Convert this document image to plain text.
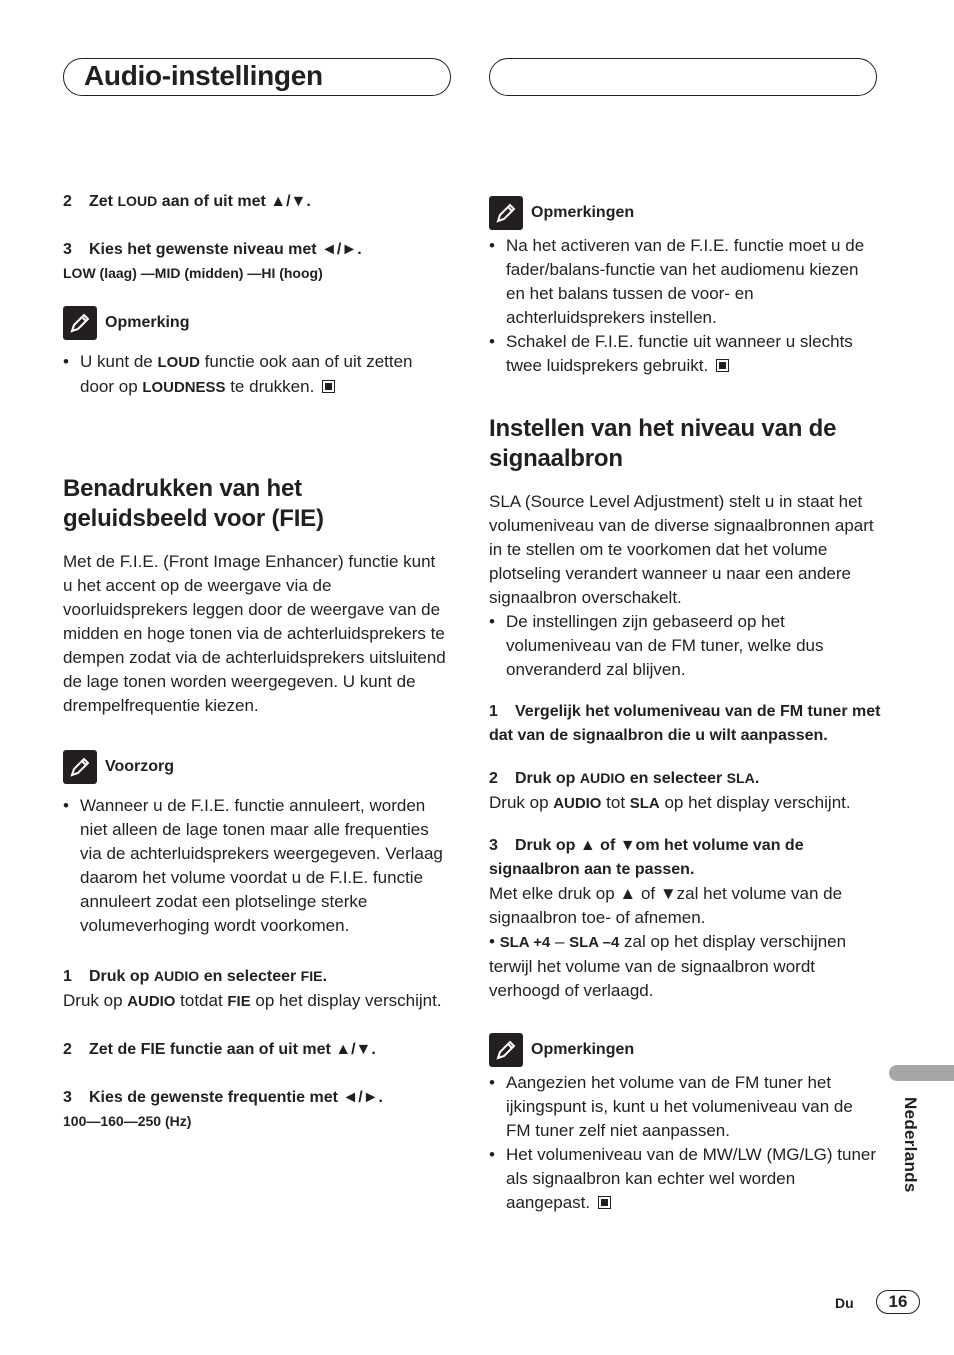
Audio-instellingen

2 Zet LOUD aan of uit met ▲/▼.

3 Kies het gewenste niveau met ◄/►.

LOW (laag) —MID (midden) —HI (hoog)

Opmerking

• U kunt de LOUD functie ook aan of uit zetten door op LOUDNESS te drukken.

Benadrukken van het
geluidsbeeld voor (FIE)

Met de F.I.E. (Front Image Enhancer) functie kunt u het accent op de weergave via de voorluidsprekers leggen door de weergave van de midden en hoge tonen via de achterluidsprekers te dempen zodat via de achterluidsprekers uitsluitend de lage tonen worden weergegeven. U kunt de drempelfrequentie kiezen.

Voorzorg

• Wanneer u de F.I.E. functie annuleert, worden niet alleen de lage tonen maar alle frequenties via de achterluidsprekers weergegeven. Verlaag daarom het volume voordat u de F.I.E. functie annuleert zodat een plotselinge sterke volumeverhoging wordt voorkomen.

1 Druk op AUDIO en selecteer FIE.

Druk op AUDIO totdat FIE op het display verschijnt.

2 Zet de FIE functie aan of uit met ▲/▼.

3 Kies de gewenste frequentie met ◄/►.

100—160—250 (Hz)

Opmerkingen

• Na het activeren van de F.I.E. functie moet u de fader/balans-functie van het audiomenu kiezen en het balans tussen de voor- en achterluidsprekers instellen.

• Schakel de F.I.E. functie uit wanneer u slechts twee luidsprekers gebruikt.

Instellen van het niveau van de
signaalbron

SLA (Source Level Adjustment) stelt u in staat het volumeniveau van de diverse signaalbronnen apart in te stellen om te voorkomen dat het volume plotseling verandert wanneer u naar een andere signaalbron overschakelt.

• De instellingen zijn gebaseerd op het volumeniveau van de FM tuner, welke dus onveranderd zal blijven.

1 Vergelijk het volumeniveau van de FM tuner met dat van de signaalbron die u wilt aanpassen.

2 Druk op AUDIO en selecteer SLA.

Druk op AUDIO tot SLA op het display verschijnt.

3 Druk op ▲ of ▼om het volume van de signaalbron aan te passen.

Met elke druk op ▲ of ▼zal het volume van de signaalbron toe- of afnemen.

• SLA +4 – SLA –4 zal op het display verschijnen terwijl het volume van de signaalbron wordt verhoogd of verlaagd.

Opmerkingen

• Aangezien het volume van de FM tuner het ijkingspunt is, kunt u het volumeniveau van de FM tuner zelf niet aanpassen.

• Het volumeniveau van de MW/LW (MG/LG) tuner als signaalbron kan echter wel worden aangepast.

Nederlands
Du	16
